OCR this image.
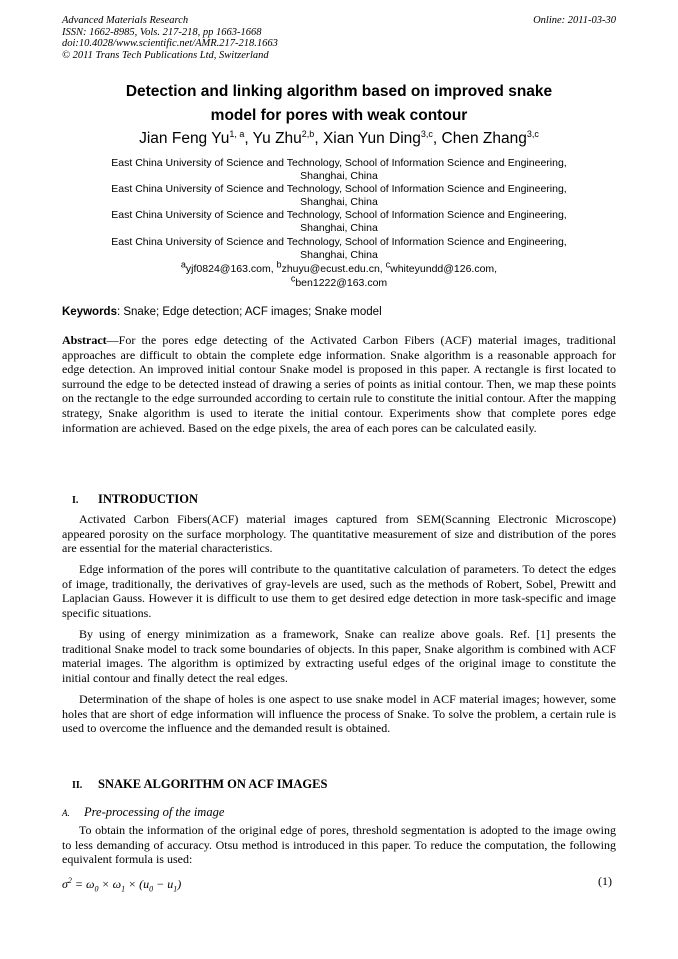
Advanced Materials Research
ISSN: 1662-8985, Vols. 217-218, pp 1663-1668
doi:10.4028/www.scientific.net/AMR.217-218.1663
© 2011 Trans Tech Publications Ltd, Switzerland
Online: 2011-03-30
Detection and linking algorithm based on improved snake
model for pores with weak contour
Jian Feng Yu$^{1, a}$, Yu Zhu$^{2,b}$, Xian Yun Ding$^{3,c}$, Chen Zhang$^{3,c}$
East China University of Science and Technology, School of Information Science and Engineering,
Shanghai, China
East China University of Science and Technology, School of Information Science and Engineering,
Shanghai, China
East China University of Science and Technology, School of Information Science and Engineering,
Shanghai, China
East China University of Science and Technology, School of Information Science and Engineering,
Shanghai, China
$^a$yjf0824@163.com, $^b$zhuyu@ecust.edu.cn, $^c$whiteyundd@126.com,
$^c$ben1222@163.com
Keywords: Snake; Edge detection; ACF images; Snake model
Abstract—For the pores edge detecting of the Activated Carbon Fibers (ACF) material images, traditional approaches are difficult to obtain the complete edge information. Snake algorithm is a reasonable approach for edge detection. An improved initial contour Snake model is proposed in this paper. A rectangle is first located to surround the edge to be detected instead of drawing a series of points as initial contour. Then, we map these points on the rectangle to the edge surrounded according to certain rule to constitute the initial contour. After the mapping strategy, Snake algorithm is used to iterate the initial contour. Experiments show that complete pores edge information are achieved. Based on the edge pixels, the area of each pores can be calculated easily.
I. INTRODUCTION

Activated Carbon Fibers(ACF) material images captured from SEM(Scanning Electronic Microscope) appeared porosity on the surface morphology. The quantitative measurement of size and distribution of the pores are essential for the material characteristics.

Edge information of the pores will contribute to the quantitative calculation of parameters. To detect the edges of image, traditionally, the derivatives of gray-levels are used, such as the methods of Robert, Sobel, Prewitt and Laplacian Gauss. However it is difficult to use them to get desired edge detection in more task-specific and image specific situations.

By using of energy minimization as a framework, Snake can realize above goals. Ref. [1] presents the traditional Snake model to track some boundaries of objects. In this paper, Snake algorithm is combined with ACF material images. The algorithm is optimized by extracting useful edges of the original image to constitute the initial contour and finally detect the real edges.

Determination of the shape of holes is one aspect to use snake model in ACF material images; however, some holes that are short of edge information will influence the process of Snake. To solve the problem, a certain rule is used to overcome the influence and the demanded result is obtained.

II. SNAKE ALGORITHM ON ACF IMAGES
A. Pre-processing of the image

To obtain the information of the original edge of pores, threshold segmentation is adopted to the image owing to less demanding of accuracy. Otsu method is introduced in this paper. To reduce the computation, the following equivalent formula is used:

$\sigma^2 = \omega_0 \times \omega_1 \times (u_0 - u_1)$	(1)
